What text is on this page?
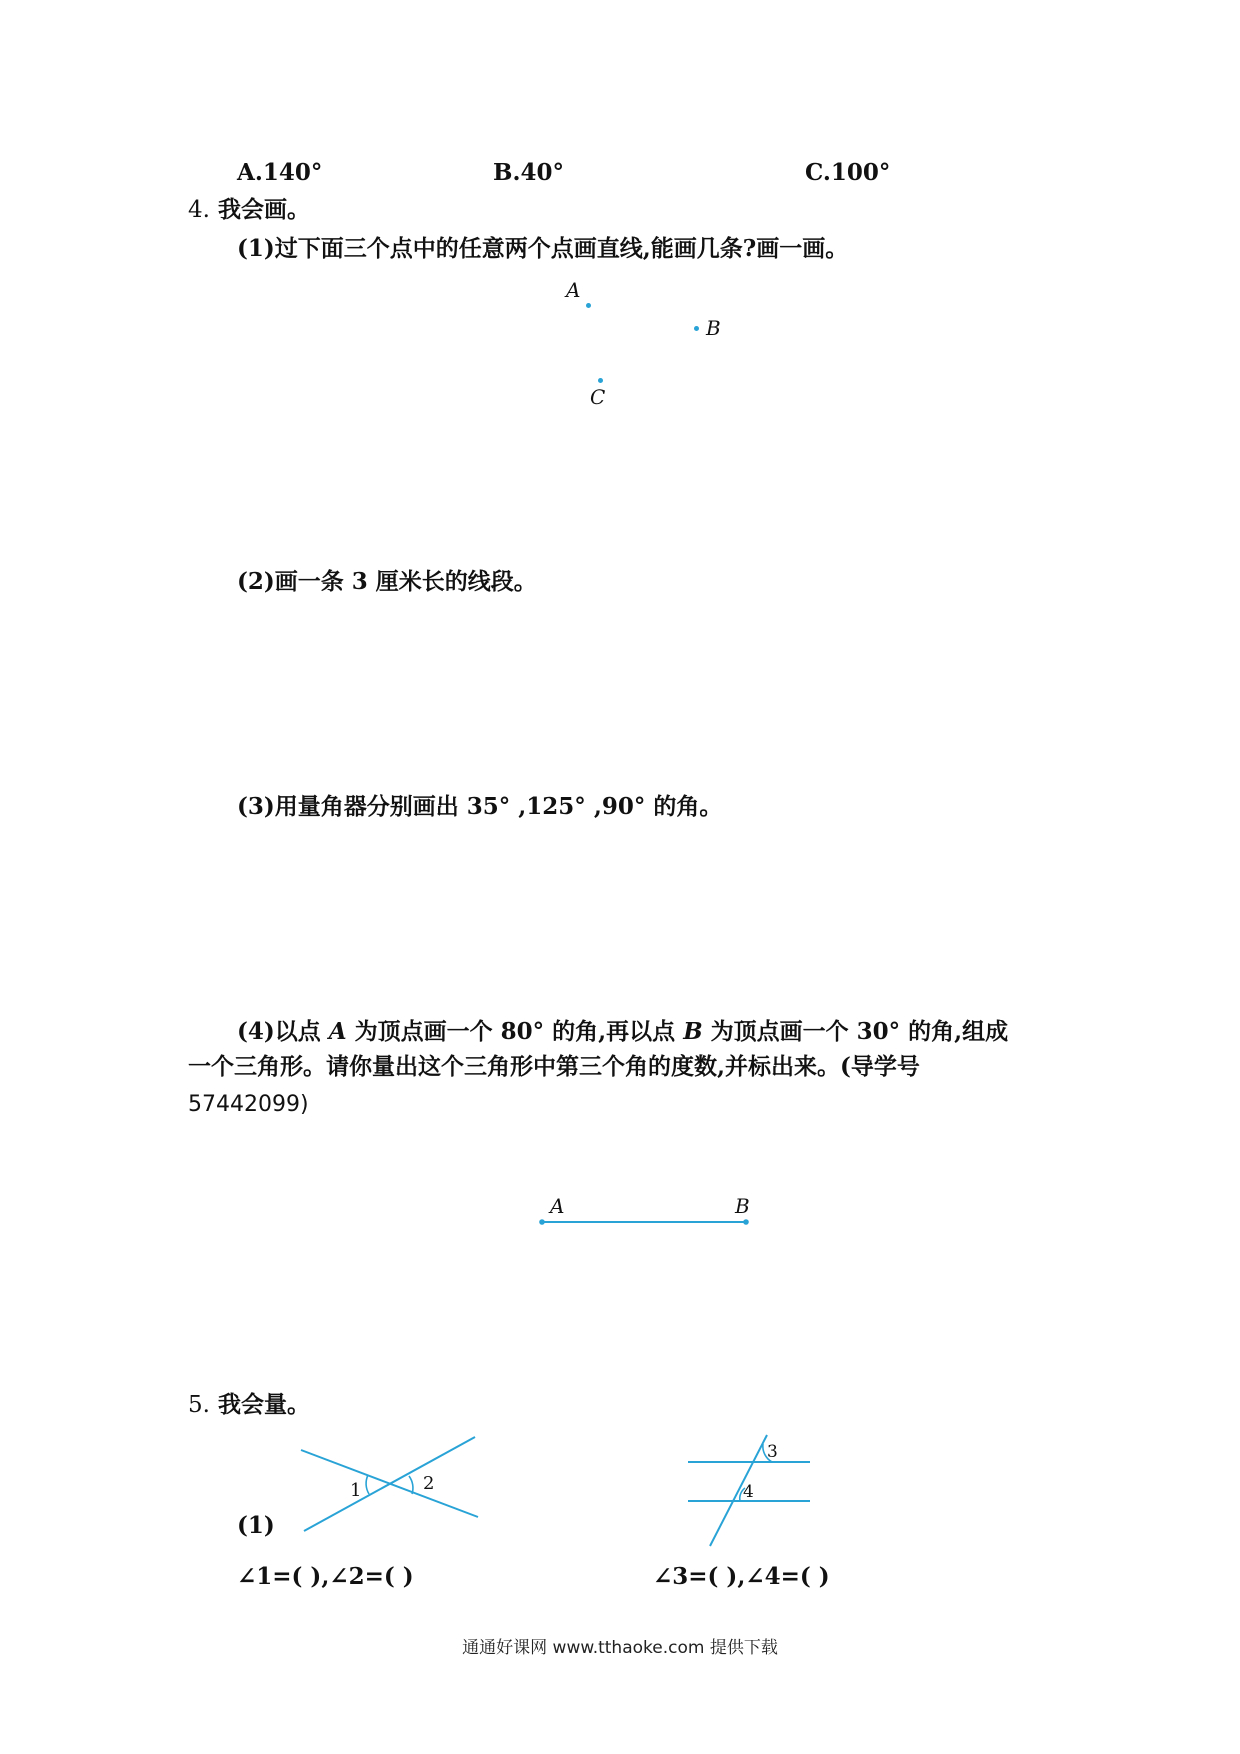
A.140°	B.40°	C.100°
4. 我会画。
(1)过下面三个点中的任意两个点画直线,能画几条?画一画。
A
B
C
(2)画一条 3 厘米长的线段。
(3)用量角器分别画出 35° ,125° ,90° 的角。
(4)以点 A 为顶点画一个 80° 的角,再以点 B 为顶点画一个 30° 的角,组成
一个三角形。请你量出这个三角形中第三个角的度数,并标出来。(导学号
57442099)
A	B
5. 我会量。
1	2
3
4
(1)
∠1=( ),∠2=( )	∠3=( ),∠4=( )
通通好课网 www.tthaoke.com 提供下载
